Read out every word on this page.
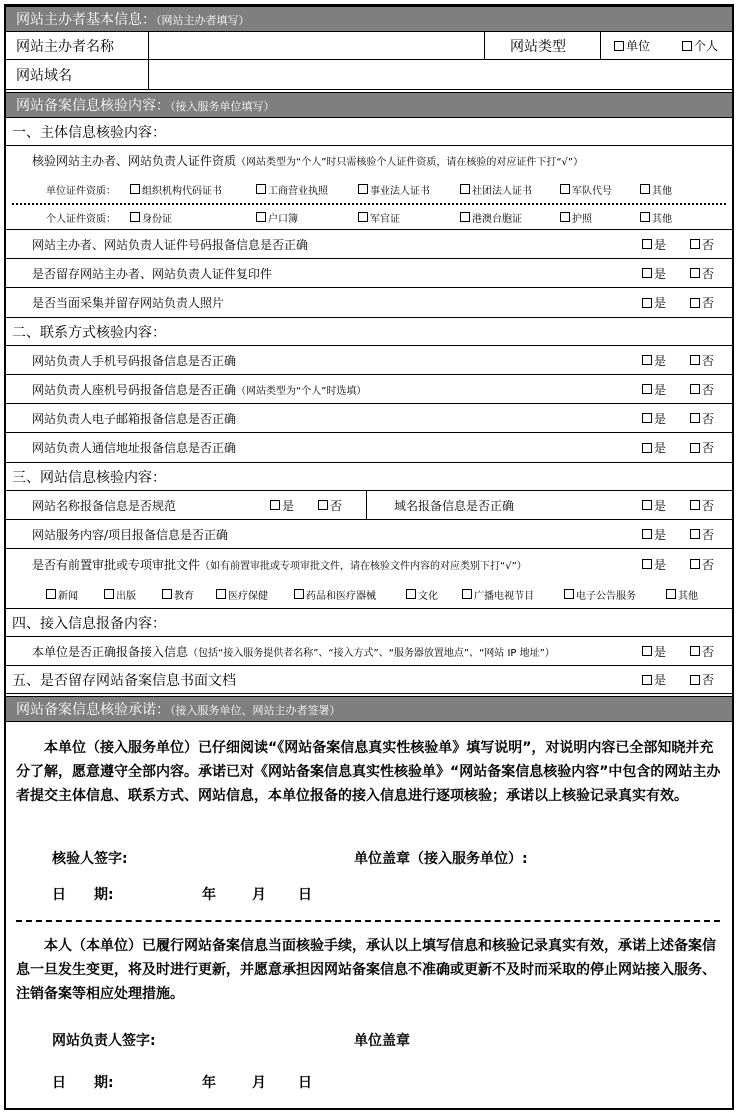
网站主办者基本信息：（网站主办者填写）
网站主办者名称	网站类型	单位	个人
网站域名
网站备案信息核验内容：（接入服务单位填写）
一、主体信息核验内容：
核验网站主办者、网站负责人证件资质 （网站类型为“个人”时只需核验个人证件资质，请在核验的对应证件下打“√”）
单位证件资质：	组织机构代码证书	工商营业执照	事业法人证书	社团法人证书	军队代号	其他
个人证件资质：	身份证	户口簿	军官证	港澳台胞证	护照	其他
网站主办者、网站负责人证件号码报备信息是否正确	是	否
是否留存网站主办者、网站负责人证件复印件	是	否
是否当面采集并留存网站负责人照片	是	否
二、联系方式核验内容：
网站负责人手机号码报备信息是否正确	是	否
网站负责人座机号码报备信息是否正确 （网站类型为“个人”时选填）	是	否
网站负责人电子邮箱报备信息是否正确	是	否
网站负责人通信地址报备信息是否正确	是	否
三、网站信息核验内容：
网站名称报备信息是否规范	是	否	域名报备信息是否正确	是	否
网站服务内容/项目报备信息是否正确	是	否
是否有前置审批或专项审批文件 （如有前置审批或专项审批文件，请在核验文件内容的对应类别下打“√”）	是	否
新闻	出版	教育	医疗保健	药品和医疗器械	文化	广播电视节目	电子公告服务	其他
四、接入信息报备内容：
本单位是否正确报备接入信息 （包括“接入服务提供者名称”、“接入方式”、“服务器放置地点”、“网站 IP 地址”）	是	否
五、是否留存网站备案信息书面文档	是	否
网站备案信息核验承诺：（接入服务单位、网站主办者签署）
本单位（接入服务单位）已仔细阅读“《网站备案信息真实性核验单》填写说明”，对说明内容已全部知晓并充分了解，愿意遵守全部内容。承诺已对《网站备案信息真实性核验单》“网站备案信息核验内容”中包含的网站主办者提交主体信息、联系方式、网站信息，本单位报备的接入信息进行逐项核验；承诺以上核验记录真实有效。
核验人签字:	单位盖章（接入服务单位）:
日　　期:	年	月 日
本人（本单位）已履行网站备案信息当面核验手续，承认以上填写信息和核验记录真实有效，承诺上述备案信息一旦发生变更，将及时进行更新，并愿意承担因网站备案信息不准确或更新不及时而采取的停止网站接入服务、注销备案等相应处理措施。
网站负责人签字:	单位盖章
日　　期:	年	月 日
